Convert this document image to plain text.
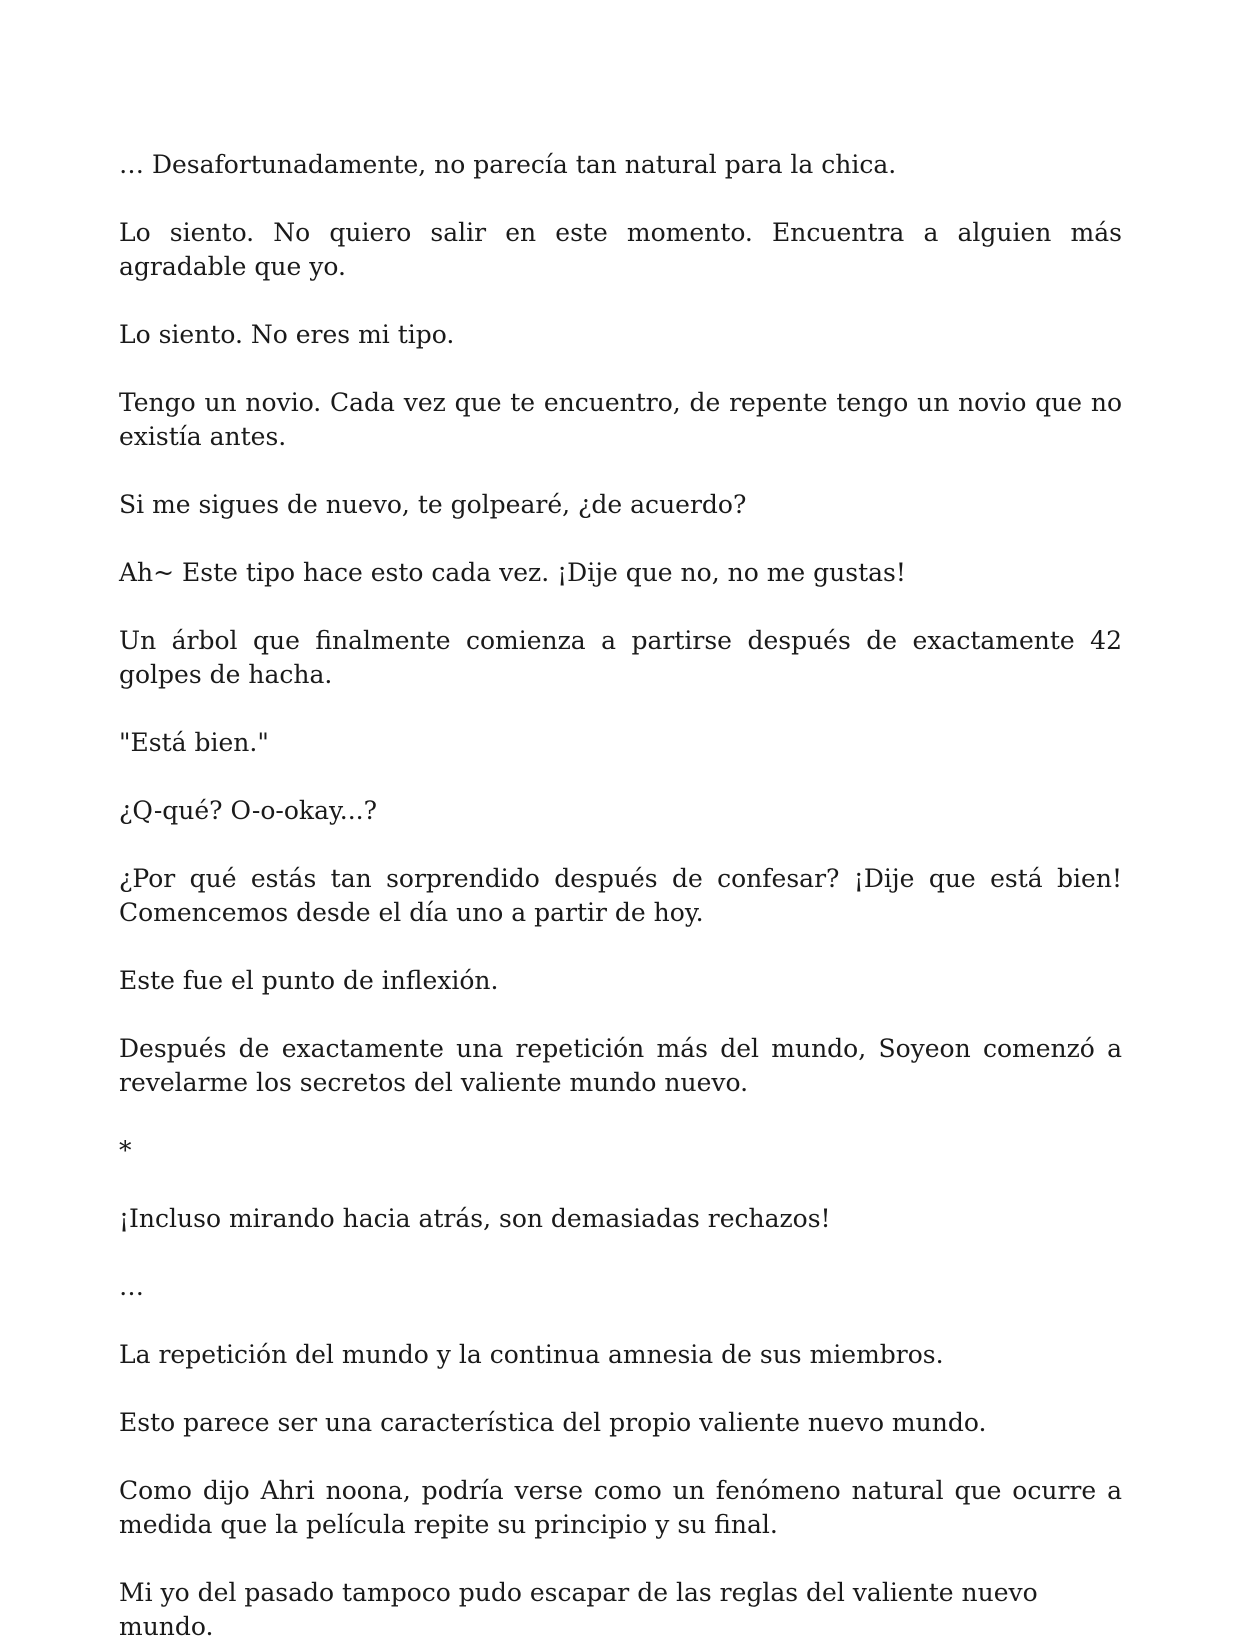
… Desafortunadamente, no parecía tan natural para la chica.

Lo siento. No quiero salir en este momento. Encuentra a alguien más agradable que yo.

Lo siento. No eres mi tipo.

Tengo un novio. Cada vez que te encuentro, de repente tengo un novio que no existía antes.

Si me sigues de nuevo, te golpearé, ¿de acuerdo?

Ah~ Este tipo hace esto cada vez. ¡Dije que no, no me gustas!

Un árbol que finalmente comienza a partirse después de exactamente 42 golpes de hacha.

"Está bien."

¿Q-qué? O-o-okay...?

¿Por qué estás tan sorprendido después de confesar? ¡Dije que está bien! Comencemos desde el día uno a partir de hoy.

Este fue el punto de inflexión.

Después de exactamente una repetición más del mundo, Soyeon comenzó a revelarme los secretos del valiente mundo nuevo.

*

¡Incluso mirando hacia atrás, son demasiadas rechazos!

…

La repetición del mundo y la continua amnesia de sus miembros.

Esto parece ser una característica del propio valiente nuevo mundo.

Como dijo Ahri noona, podría verse como un fenómeno natural que ocurre a medida que la película repite su principio y su final.

Mi yo del pasado tampoco pudo escapar de las reglas del valiente nuevo mundo.
